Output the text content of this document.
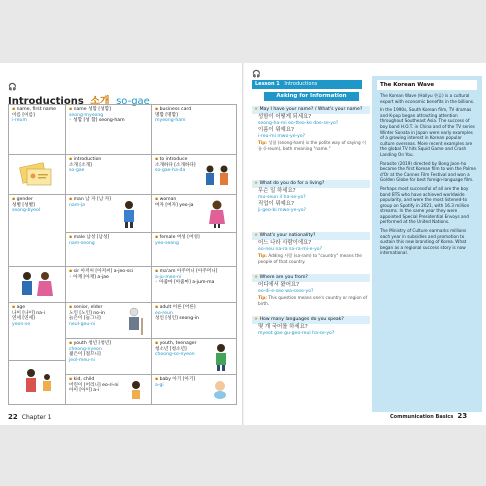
🎧
Introductions 소개 so-gae
▪ name, first name
이름 [이름]
i-reum
▪ name 성함 [성함]
seong-myeong
◦ 성함 [성 함] seong-ham
▪ business card
명함 [명함]
myeong-ham
▪ introduction
소개 [소개]
so-gae
▪ to introduce
소개하다 [소개하다]
so-gae-ha-da
▪ gender
성별 [성별]
seong-byeol
▪ man 남 자 [남 자]
nam-ja
▪ woman
여자 [여자] yeo-ja
▪ male 남성 [남성]
nam-seong
▪ female 여성 [여성]
yeo-seong
▪ sir 아저씨 [아저씨] a-jeo-ssi
◦ 아재 [아재] a-jae
▪ ma'am 아주머니 [아주머니]
a-ju-meo-ni
◦ 아줌마 [아줌마] a-jum-ma
▪ age
나이 [나이] na-i
연세 [연세]
yeon-se
▪ senior, elder
노인 [노인] no-in
늙은이 [늘그니]
neul-geu-ni
▪ adult 어른 [어른]
eo-reun
성인 [성인] seong-in
▪ youth 청년 [청년]
cheong-nyeon
젊은이 [절므니]
jeol-meu-ni
▪ youth, teenager
청소년 [청소년]
cheong-so-nyeon
▪ kid, child
어린이 [어리니] eo-ri-ni
아이 [아이] a-i
▪ baby 아기 [아기]
a-gi
22 Chapter 1
🎧
Lesson 1 Introductions
Asking for Information
★ May I have your name? / What's your name?
성함이 어떻게 되세요?
seong-ha-mi eo-tteo-ke doe-se-yo?
이름이 뭐예요?
i-reu-mi mwo-ye-yo?
Tip: 성함 (seong-ham) is the polite way of saying 이름 (i-reum), both meaning "name."
★ What do you do for a living?
무슨 일 하세요?
mu-seun il ha-se-yo?
직업이 뭐예요?
ji-geo-bi mwo-ye-yo?
★ What's your nationality?
어느 나라 사람이에요?
eo-neu na-ra sa-ra-mi-e-yo?
Tip: Adding 사람 (sa-ram) to "country" means the people of that country.
★ Where are you from?
어디에서 왔어요?
eo-di-e-seo wa-sseo-yo?
Tip: This question means one's country or region of birth.
★ How many languages do you speak?
몇 개 국어를 하세요?
myeot gae gu-geo-reul ha-se-yo?
The Korean Wave

The Korean Wave (Hallyu 한류) is a cultural export with economic benefits in the billions.

In the 1990s, South Korean film, TV dramas and K-pop began attracting attention throughout Southeast Asia. The success of boy band H.O.T. in China and of the TV series Winter Sonata in Japan were early examples of a growing interest in Korean popular culture overseas. More recent examples are the global TV hits Squid Game and Crash Landing On You.

Parasite (2019) directed by Bong Joon-ho became the first Korean film to win the Palme d'Or at the Cannes Film Festival and won a Golden Globe for best foreign-language film.

Perhaps most successful of all are the boy band BTS who have achieved worldwide popularity, and were the most listened-to group on Spotify in 2021, with 16.3 million streams. In the same year they were appointed Special Presidential Envoys and performed at the United Nations.

The Ministry of Culture earmarks millions each year in subsidies and promotion to sustain this new branding of Korea. What began as a regional success story is now international.

Communication Basics 23
